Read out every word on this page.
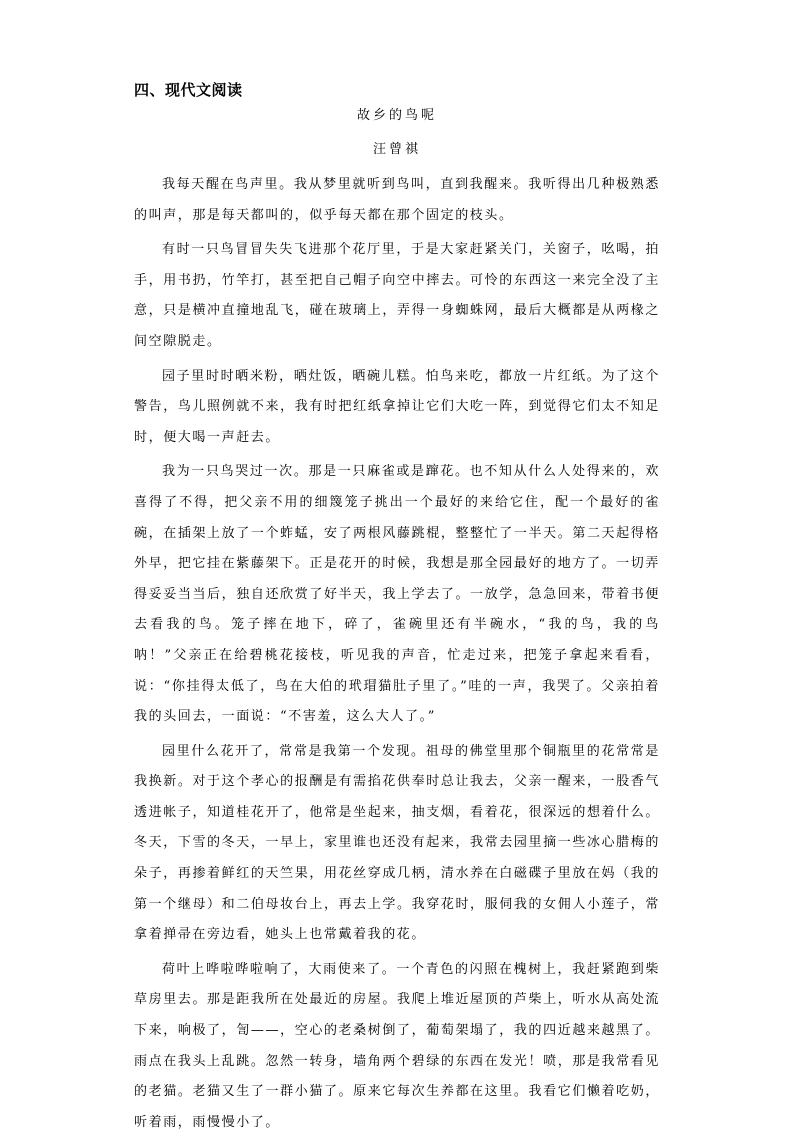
四、现代文阅读
故乡的鸟呢
汪曾祺

我每天醒在鸟声里。我从梦里就听到鸟叫，直到我醒来。我听得出几种极熟悉的叫声，那是每天都叫的，似乎每天都在那个固定的枝头。

有时一只鸟冒冒失失飞进那个花厅里，于是大家赶紧关门，关窗子，吆喝，拍手，用书扔，竹竿打，甚至把自己帽子向空中摔去。可怜的东西这一来完全没了主意，只是横冲直撞地乱飞，碰在玻璃上，弄得一身蜘蛛网，最后大概都是从两椽之间空隙脱走。

园子里时时晒米粉，晒灶饭，晒碗儿糕。怕鸟来吃，都放一片红纸。为了这个警告，鸟儿照例就不来，我有时把红纸拿掉让它们大吃一阵，到觉得它们太不知足时，便大喝一声赶去。

我为一只鸟哭过一次。那是一只麻雀或是蹿花。也不知从什么人处得来的，欢喜得了不得，把父亲不用的细篾笼子挑出一个最好的来给它住，配一个最好的雀碗，在插架上放了一个蚱蜢，安了两根风藤跳棍，整整忙了一半天。第二天起得格外早，把它挂在紫藤架下。正是花开的时候，我想是那全园最好的地方了。一切弄得妥妥当当后，独自还欣赏了好半天，我上学去了。一放学，急急回来，带着书便去看我的鸟。笼子摔在地下，碎了，雀碗里还有半碗水，“我的鸟，我的鸟呐！”父亲正在给碧桃花接枝，听见我的声音，忙走过来，把笼子拿起来看看，说：“你挂得太低了，鸟在大伯的玳瑁猫肚子里了。”哇的一声，我哭了。父亲拍着我的头回去，一面说：“不害羞，这么大人了。”

园里什么花开了，常常是我第一个发现。祖母的佛堂里那个铜瓶里的花常常是我换新。对于这个孝心的报酬是有需掐花供奉时总让我去，父亲一醒来，一股香气透进帐子，知道桂花开了，他常是坐起来，抽支烟，看着花，很深远的想着什么。冬天，下雪的冬天，一早上，家里谁也还没有起来，我常去园里摘一些冰心腊梅的朵子，再掺着鲜红的天竺果，用花丝穿成几柄，清水养在白磁碟子里放在妈（我的第一个继母）和二伯母妆台上，再去上学。我穿花时，服伺我的女佣人小莲子，常拿着掸帚在旁边看，她头上也常戴着我的花。

荷叶上哗啦哗啦响了，大雨使来了。一个青色的闪照在槐树上，我赶紧跑到柴草房里去。那是距我所在处最近的房屋。我爬上堆近屋顶的芦柴上，听水从高处流下来，响极了，訇——，空心的老桑树倒了，葡萄架塌了，我的四近越来越黑了。雨点在我头上乱跳。忽然一转身，墙角两个碧绿的东西在发光！喷，那是我常看见的老猫。老猫又生了一群小猫了。原来它每次生养都在这里。我看它们懒着吃奶，听着雨，雨慢慢小了。
